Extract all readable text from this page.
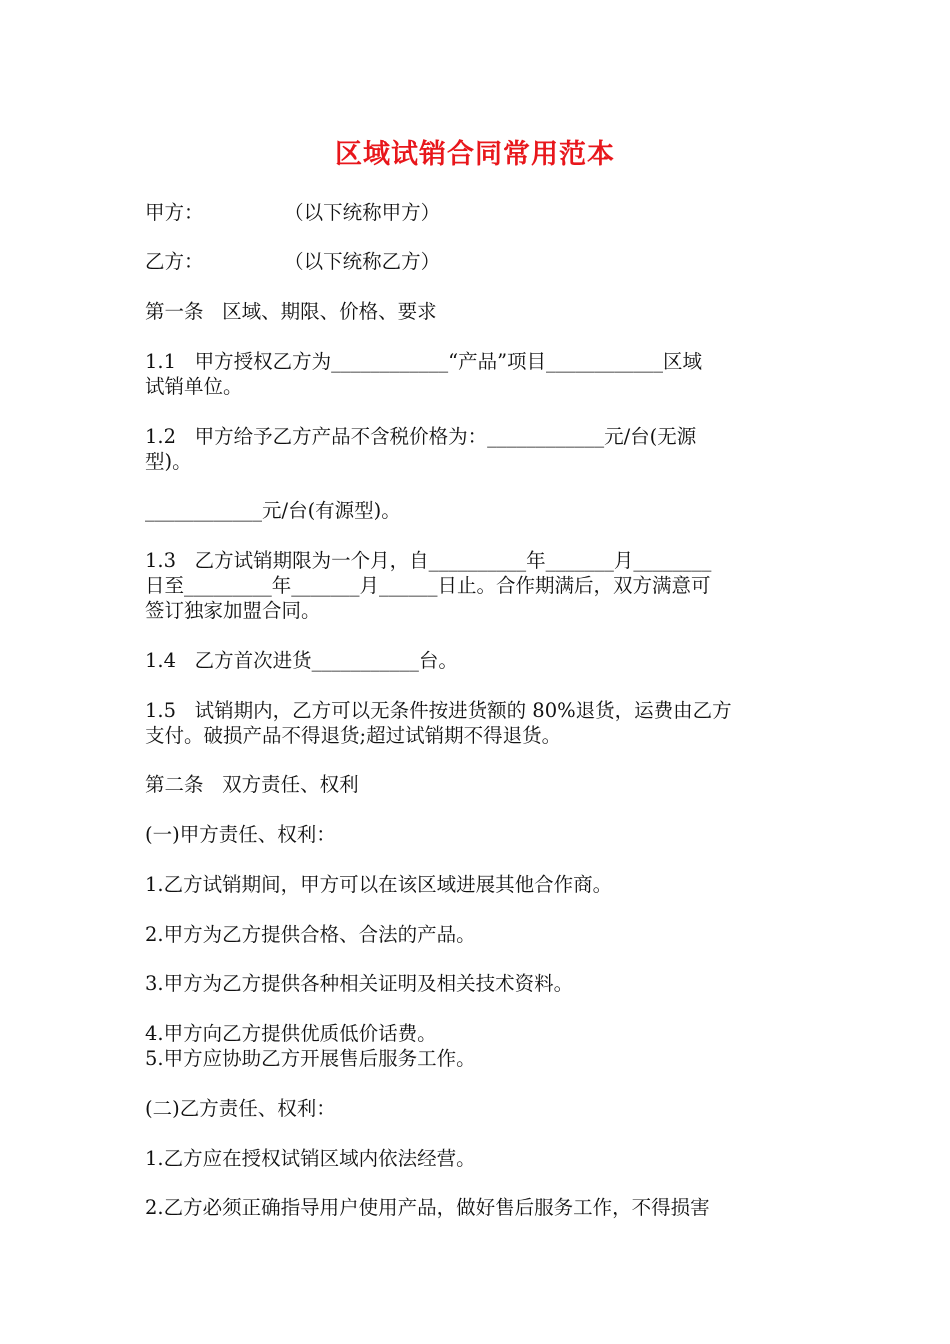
区域试销合同常用范本
甲方：             （以下统称甲方）
乙方：             （以下统称乙方）
第一条   区域、期限、价格、要求
1.1   甲方授权乙方为____________“产品”项目____________区域
试销单位。
1.2   甲方给予乙方产品不含税价格为：____________元/台(无源
型)。
____________元/台(有源型)。
1.3   乙方试销期限为一个月，自__________年_______月________
日至_________年_______月______日止。合作期满后，双方满意可
签订独家加盟合同。
1.4   乙方首次进货___________台。
1.5   试销期内，乙方可以无条件按进货额的 80%退货，运费由乙方
支付。破损产品不得退货;超过试销期不得退货。
第二条   双方责任、权利
(一)甲方责任、权利：
1.乙方试销期间，甲方可以在该区域进展其他合作商。
2.甲方为乙方提供合格、合法的产品。
3.甲方为乙方提供各种相关证明及相关技术资料。
4.甲方向乙方提供优质低价话费。
5.甲方应协助乙方开展售后服务工作。
(二)乙方责任、权利：
1.乙方应在授权试销区域内依法经营。
2.乙方必须正确指导用户使用产品，做好售后服务工作，不得损害
